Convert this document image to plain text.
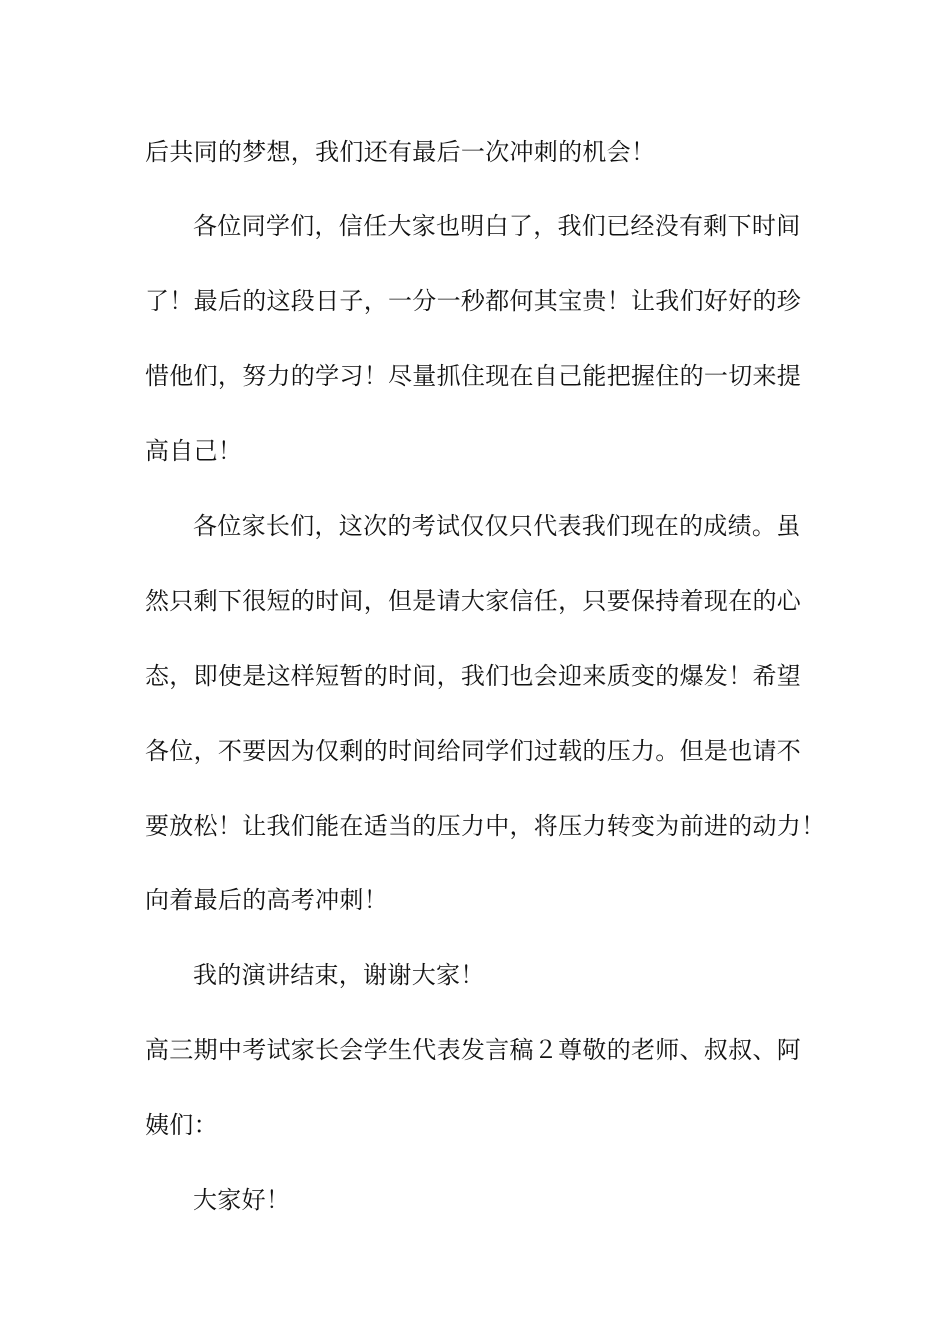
后共同的梦想，我们还有最后一次冲刺的机会！
各位同学们，信任大家也明白了，我们已经没有剩下时间
了！最后的这段日子，一分一秒都何其宝贵！让我们好好的珍
惜他们，努力的学习！尽量抓住现在自己能把握住的一切来提
高自己！
各位家长们，这次的考试仅仅只代表我们现在的成绩。虽
然只剩下很短的时间，但是请大家信任，只要保持着现在的心
态，即使是这样短暂的时间，我们也会迎来质变的爆发！希望
各位，不要因为仅剩的时间给同学们过载的压力。但是也请不
要放松！让我们能在适当的压力中，将压力转变为前进的动力！
向着最后的高考冲刺！
我的演讲结束，谢谢大家！
高三期中考试家长会学生代表发言稿２尊敬的老师、叔叔、阿
姨们：
大家好！
